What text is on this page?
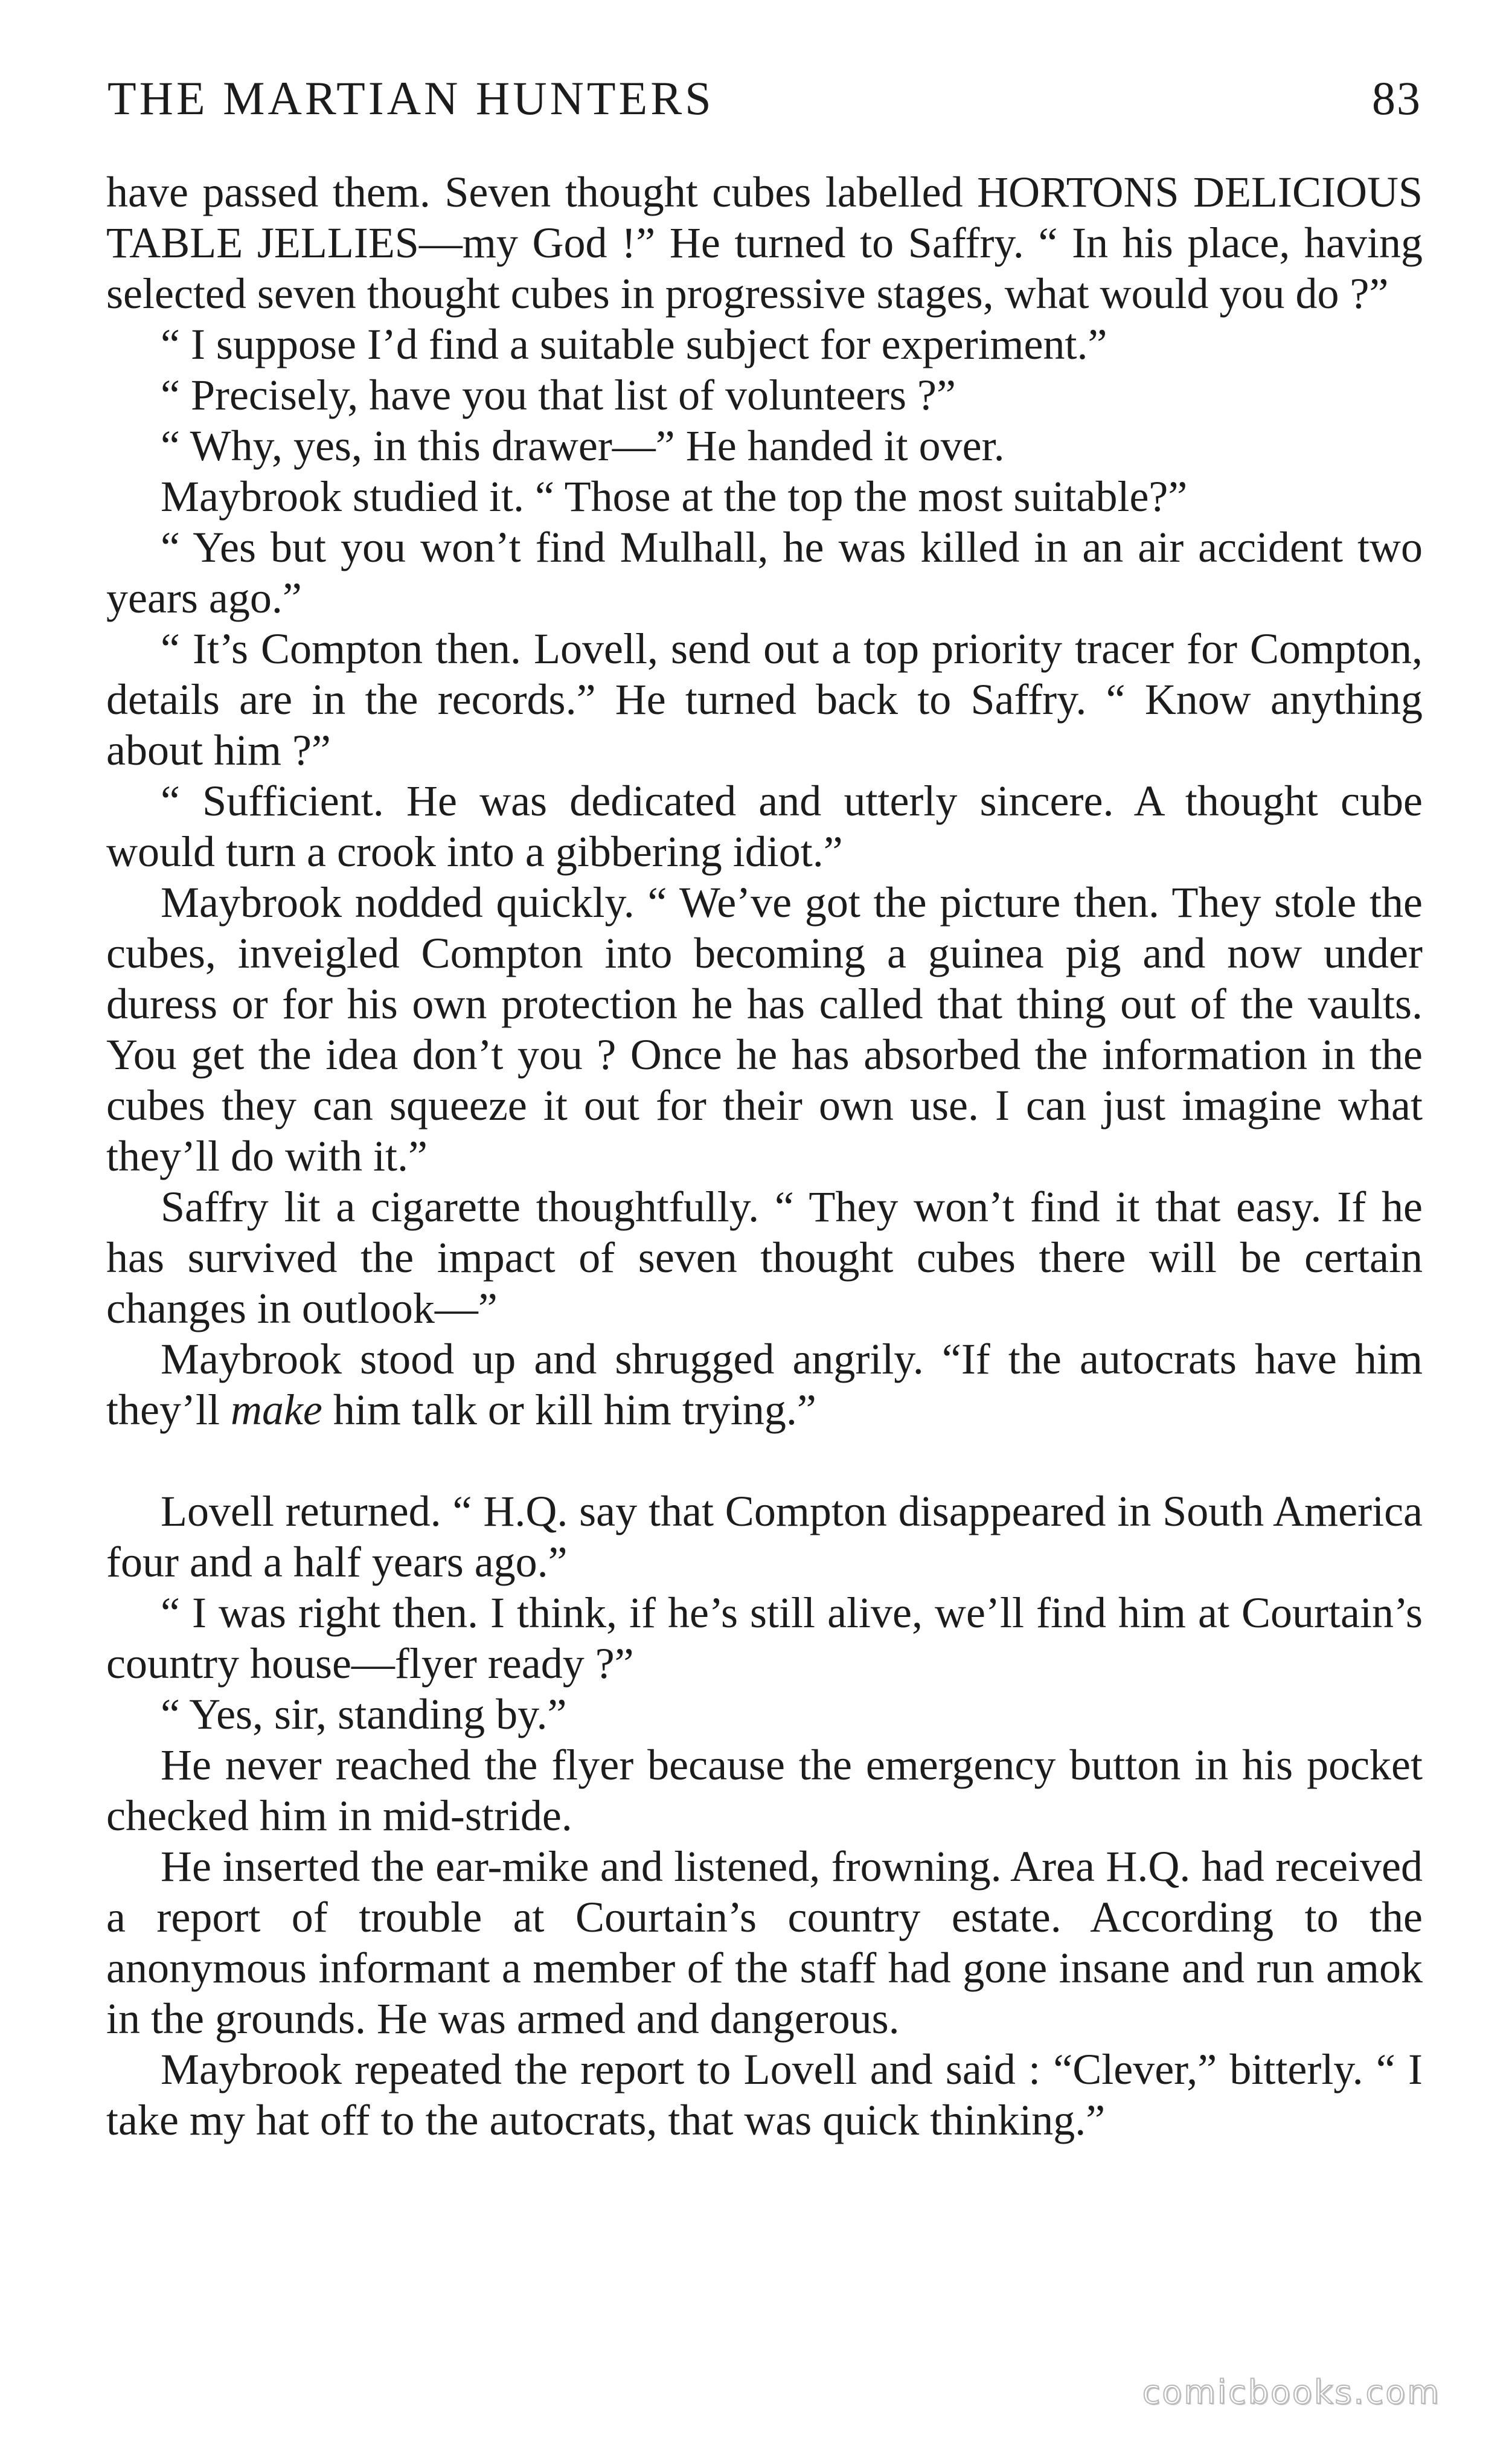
THE MARTIAN HUNTERS	83

have passed them. Seven thought cubes labelled HORTONS DELICIOUS TABLE JELLIES—my God !” He turned to Saffry. “ In his place, having selected seven thought cubes in progressive stages, what would you do ?”

“ I suppose I’d find a suitable subject for experiment.”

“ Precisely, have you that list of volunteers ?”

“ Why, yes, in this drawer—” He handed it over.

Maybrook studied it. “ Those at the top the most suitable?”

“ Yes but you won’t find Mulhall, he was killed in an air accident two years ago.”

“ It’s Compton then. Lovell, send out a top priority tracer for Compton, details are in the records.” He turned back to Saffry. “ Know anything about him ?”

“ Sufficient. He was dedicated and utterly sincere. A thought cube would turn a crook into a gibbering idiot.”

Maybrook nodded quickly. “ We’ve got the picture then. They stole the cubes, inveigled Compton into becoming a guinea pig and now under duress or for his own protection he has called that thing out of the vaults. You get the idea don’t you ? Once he has absorbed the information in the cubes they can squeeze it out for their own use. I can just imagine what they’ll do with it.”

Saffry lit a cigarette thoughtfully. “ They won’t find it that easy. If he has survived the impact of seven thought cubes there will be certain changes in outlook—”

Maybrook stood up and shrugged angrily. “If the autocrats have him they’ll make him talk or kill him trying.”

Lovell returned. “ H.Q. say that Compton disappeared in South America four and a half years ago.”

“ I was right then. I think, if he’s still alive, we’ll find him at Courtain’s country house—flyer ready ?”

“ Yes, sir, standing by.”

He never reached the flyer because the emergency button in his pocket checked him in mid-stride.

He inserted the ear-mike and listened, frowning. Area H.Q. had received a report of trouble at Courtain’s country estate. According to the anonymous informant a member of the staff had gone insane and run amok in the grounds. He was armed and dangerous.

Maybrook repeated the report to Lovell and said : “Clever,” bitterly. “ I take my hat off to the autocrats, that was quick thinking.”

comicbooks.com
